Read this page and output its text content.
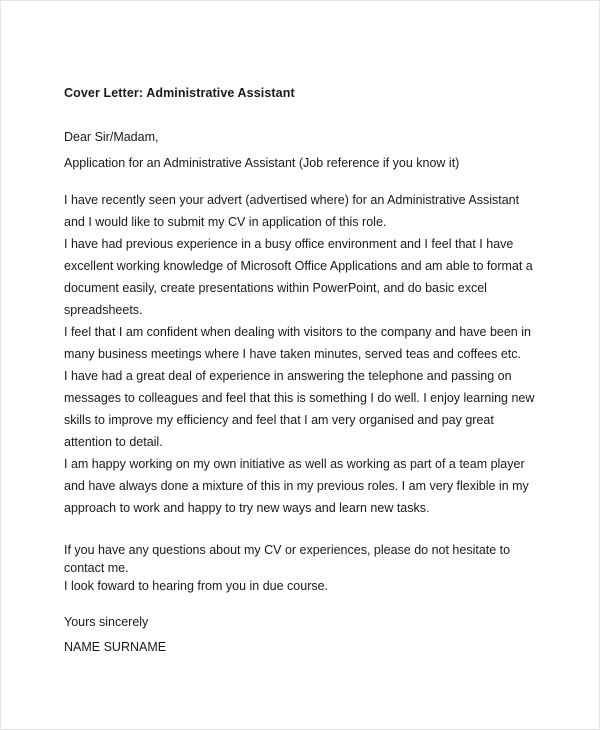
Cover Letter: Administrative Assistant

Dear Sir/Madam,

Application for an Administrative Assistant (Job reference if you know it)

I have recently seen your advert (advertised where) for an Administrative Assistant and I would like to submit my CV in application of this role.

I have had previous experience in a busy office environment and I feel that I have excellent working knowledge of Microsoft Office Applications and am able to format a document easily, create presentations within PowerPoint, and do basic excel spreadsheets.

I feel that I am confident when dealing with visitors to the company and have been in many business meetings where I have taken minutes, served teas and coffees etc.

I have had a great deal of experience in answering the telephone and passing on messages to colleagues and feel that this is something I do well. I enjoy learning new skills to improve my efficiency and feel that I am very organised and pay great attention to detail.

I am happy working on my own initiative as well as working as part of a team player and have always done a mixture of this in my previous roles. I am very flexible in my approach to work and happy to try new ways and learn new tasks.

If you have any questions about my CV or experiences, please do not hesitate to contact me.

I look foward to hearing from you in due course.

Yours sincerely

NAME SURNAME
